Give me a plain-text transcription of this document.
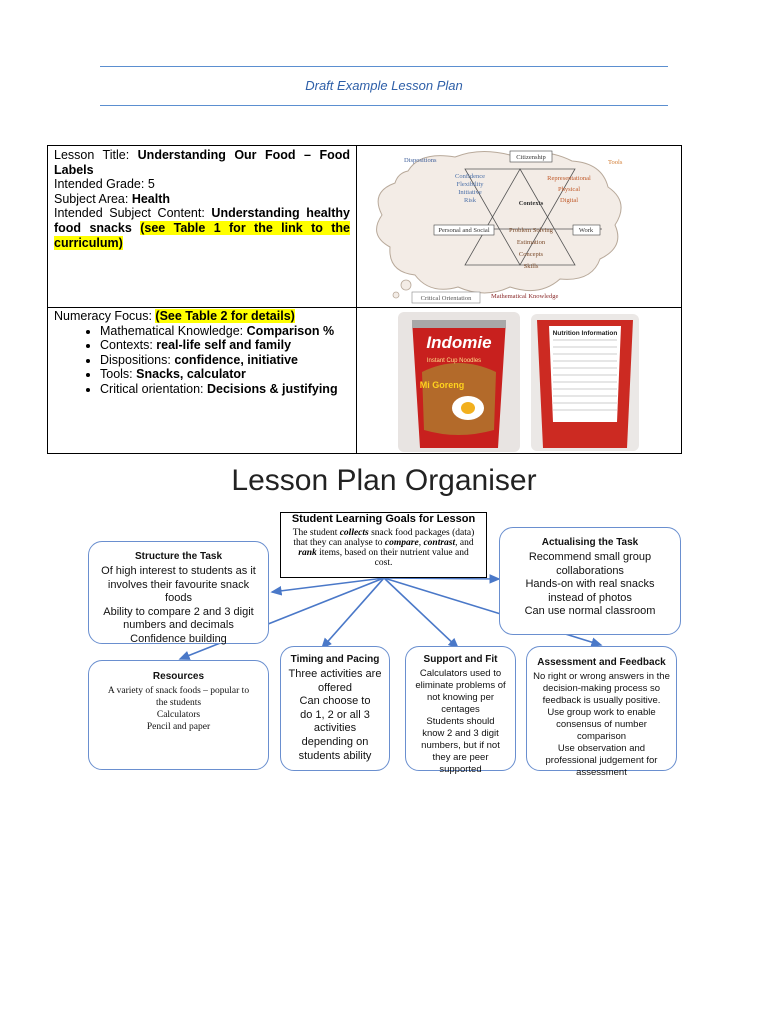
Draft Example Lesson Plan
Lesson Title: Understanding Our Food – Food Labels
Intended Grade: 5
Subject Area: Health
Intended Subject Content: Understanding healthy food snacks (see Table 1 for the link to the curriculum)
Numeracy Focus: (See Table 2 for details)
• Mathematical Knowledge: Comparison %
• Contexts: real-life self and family
• Dispositions: confidence, initiative
• Tools: Snacks, calculator
• Critical orientation: Decisions & justifying
Dispositions	Citizenship
Tools
Confidence
Flexibility
Initiative
Risk
Representational
Physical
Digital
Contexts
Personal and Social	Work
Problem Solving
Estimation
Concepts
Skills
Critical Orientation	Mathematical Knowledge
Indomie
Instant Cup Noodles
Mi Goreng
Nutrition Information
Lesson Plan Organiser
Student Learning Goals for Lesson
The student collects snack food packages (data) that they can analyse to compare, contrast, and rank items, based on their nutrient value and cost.
Structure the Task
Of high interest to students as it involves their favourite snack foods
Ability to compare 2 and 3 digit numbers and decimals
Confidence building
Actualising the Task
Recommend small group collaborations
Hands-on with real snacks instead of photos
Can use normal classroom
Resources
A variety of snack foods – popular to the students
Calculators
Pencil and paper
Timing and Pacing
Three activities are offered
Can choose to do 1, 2 or all 3 activities depending on students ability
Support and Fit
Calculators used to eliminate problems of not knowing per centages
Students should know 2 and 3 digit numbers, but if not they are peer supported
Assessment and Feedback
No right or wrong answers in the decision-making process so feedback is usually positive.
Use group work to enable consensus of number comparison
Use observation and professional judgement for assessment
